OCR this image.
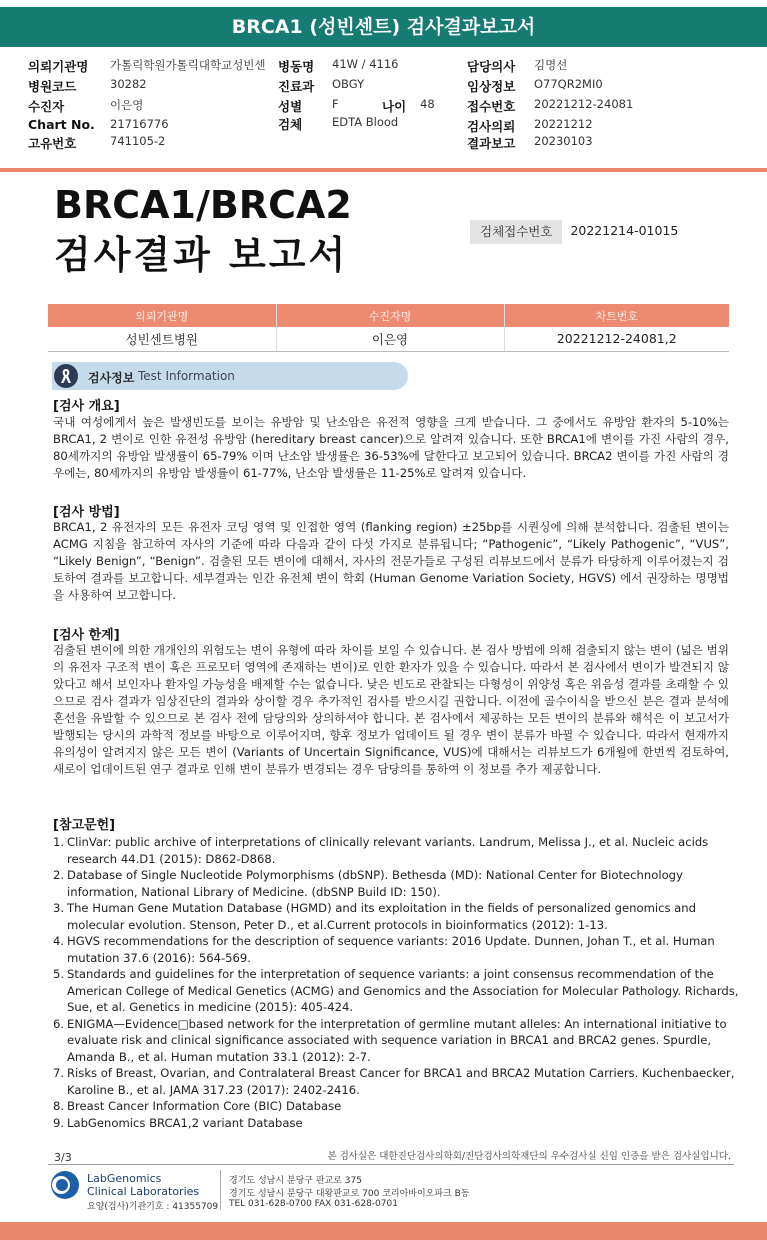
BRCA1 (성빈센트) 검사결과보고서
의뢰기관명 가톨릭학원가톨릭대학교성빈센 병동명 41W / 4116	담당의사 김명선
병원코드	30282	진료과 OBGY	임상정보 O77QR2MI0
수진자	이은영	성별	F	나이 48	접수번호 20221212-24081
Chart No. 21716776	검체	EDTA Blood	검사의뢰 20221212
고유번호	741105-2	결과보고 20230103
BRCA1/BRCA2
검사결과 보고서
검체접수번호	20221214-01015
의뢰기관명	수진자명	차트번호
성빈센트병원	이은영	20221212-24081,2
검사정보 Test Information
[검사 개요]
국내 여성에게서 높은 발생빈도를 보이는 유방암 및 난소암은 유전적 영향을 크게 받습니다. 그 중에서도 유방암 환자의 5-10%는 BRCA1, 2 변이로 인한 유전성 유방암 (hereditary breast cancer)으로 알려져 있습니다. 또한 BRCA1에 변이를 가진 사람의 경우, 80세까지의 유방암 발생률이 65-79% 이며 난소암 발생률은 36-53%에 달한다고 보고되어 있습니다. BRCA2 변이를 가진 사람의 경우에는, 80세까지의 유방암 발생률이 61-77%, 난소암 발생률은 11-25%로 알려져 있습니다.
[검사 방법]
BRCA1, 2 유전자의 모든 유전자 코딩 영역 및 인접한 영역 (flanking region) ±25bp를 시퀀싱에 의해 분석합니다. 검출된 변이는 ACMG 지침을 참고하여 자사의 기준에 따라 다음과 같이 다섯 가지로 분류됩니다; “Pathogenic”, “Likely Pathogenic”, “VUS”, “Likely Benign”, “Benign”. 검출된 모든 변이에 대해서, 자사의 전문가들로 구성된 리뷰보드에서 분류가 타당하게 이루어졌는지 검토하여 결과를 보고합니다. 세부결과는 인간 유전체 변이 학회 (Human Genome Variation Society, HGVS) 에서 권장하는 명명법을 사용하여 보고합니다.
[검사 한계]
검출된 변이에 의한 개개인의 위험도는 변이 유형에 따라 차이를 보일 수 있습니다. 본 검사 방법에 의해 검출되지 않는 변이 (넓은 범위의 유전자 구조적 변이 혹은 프로모터 영역에 존재하는 변이)로 인한 환자가 있을 수 있습니다. 따라서 본 검사에서 변이가 발견되지 않았다고 해서 보인자나 환자일 가능성을 배제할 수는 없습니다. 낮은 빈도로 관찰되는 다형성이 위양성 혹은 위음성 결과를 초래할 수 있으므로 검사 결과가 임상진단의 결과와 상이할 경우 추가적인 검사를 받으시길 권합니다. 이전에 골수이식을 받으신 분은 결과 분석에 혼선을 유발할 수 있으므로 본 검사 전에 담당의와 상의하셔야 합니다. 본 검사에서 제공하는 모든 변이의 분류와 해석은 이 보고서가 발행되는 당시의 과학적 정보를 바탕으로 이루어지며, 향후 정보가 업데이트 될 경우 변이 분류가 바뀔 수 있습니다. 따라서 현재까지 유의성이 알려지지 않은 모든 변이 (Variants of Uncertain Significance, VUS)에 대해서는 리뷰보드가 6개월에 한번씩 검토하여, 새로이 업데이트된 연구 결과로 인해 변이 분류가 변경되는 경우 담당의를 통하여 이 정보를 추가 제공합니다.
[참고문헌]
1. ClinVar: public archive of interpretations of clinically relevant variants. Landrum, Melissa J., et al. Nucleic acids research 44.D1 (2015): D862-D868.
2. Database of Single Nucleotide Polymorphisms (dbSNP). Bethesda (MD): National Center for Biotechnology information, National Library of Medicine. (dbSNP Build ID: 150).
3. The Human Gene Mutation Database (HGMD) and its exploitation in the fields of personalized genomics and molecular evolution. Stenson, Peter D., et al.Current protocols in bioinformatics (2012): 1-13.
4. HGVS recommendations for the description of sequence variants: 2016 Update. Dunnen, Johan T., et al. Human mutation 37.6 (2016): 564-569.
5. Standards and guidelines for the interpretation of sequence variants: a joint consensus recommendation of the American College of Medical Genetics (ACMG) and Genomics and the Association for Molecular Pathology. Richards, Sue, et al. Genetics in medicine (2015): 405-424.
6. ENIGMA—Evidence□based network for the interpretation of germline mutant alleles: An international initiative to evaluate risk and clinical significance associated with sequence variation in BRCA1 and BRCA2 genes. Spurdle, Amanda B., et al. Human mutation 33.1 (2012): 2-7.
7. Risks of Breast, Ovarian, and Contralateral Breast Cancer for BRCA1 and BRCA2 Mutation Carriers. Kuchenbaecker, Karoline B., et al. JAMA 317.23 (2017): 2402-2416.
8. Breast Cancer Information Core (BIC) Database
9. LabGenomics BRCA1,2 variant Database
3/3	본 검사실은 대한진단검사의학회/진단검사의학재단의 우수검사실 신임 인증을 받은 검사실입니다.
LabGenomics
Clinical Laboratories
요양(검사)기관기호 : 41355709
경기도 성남시 분당구 판교로 375
경기도 성남시 분당구 대왕판교로 700 코리아바이오파크 B동
TEL 031-628-0700 FAX 031-628-0701
